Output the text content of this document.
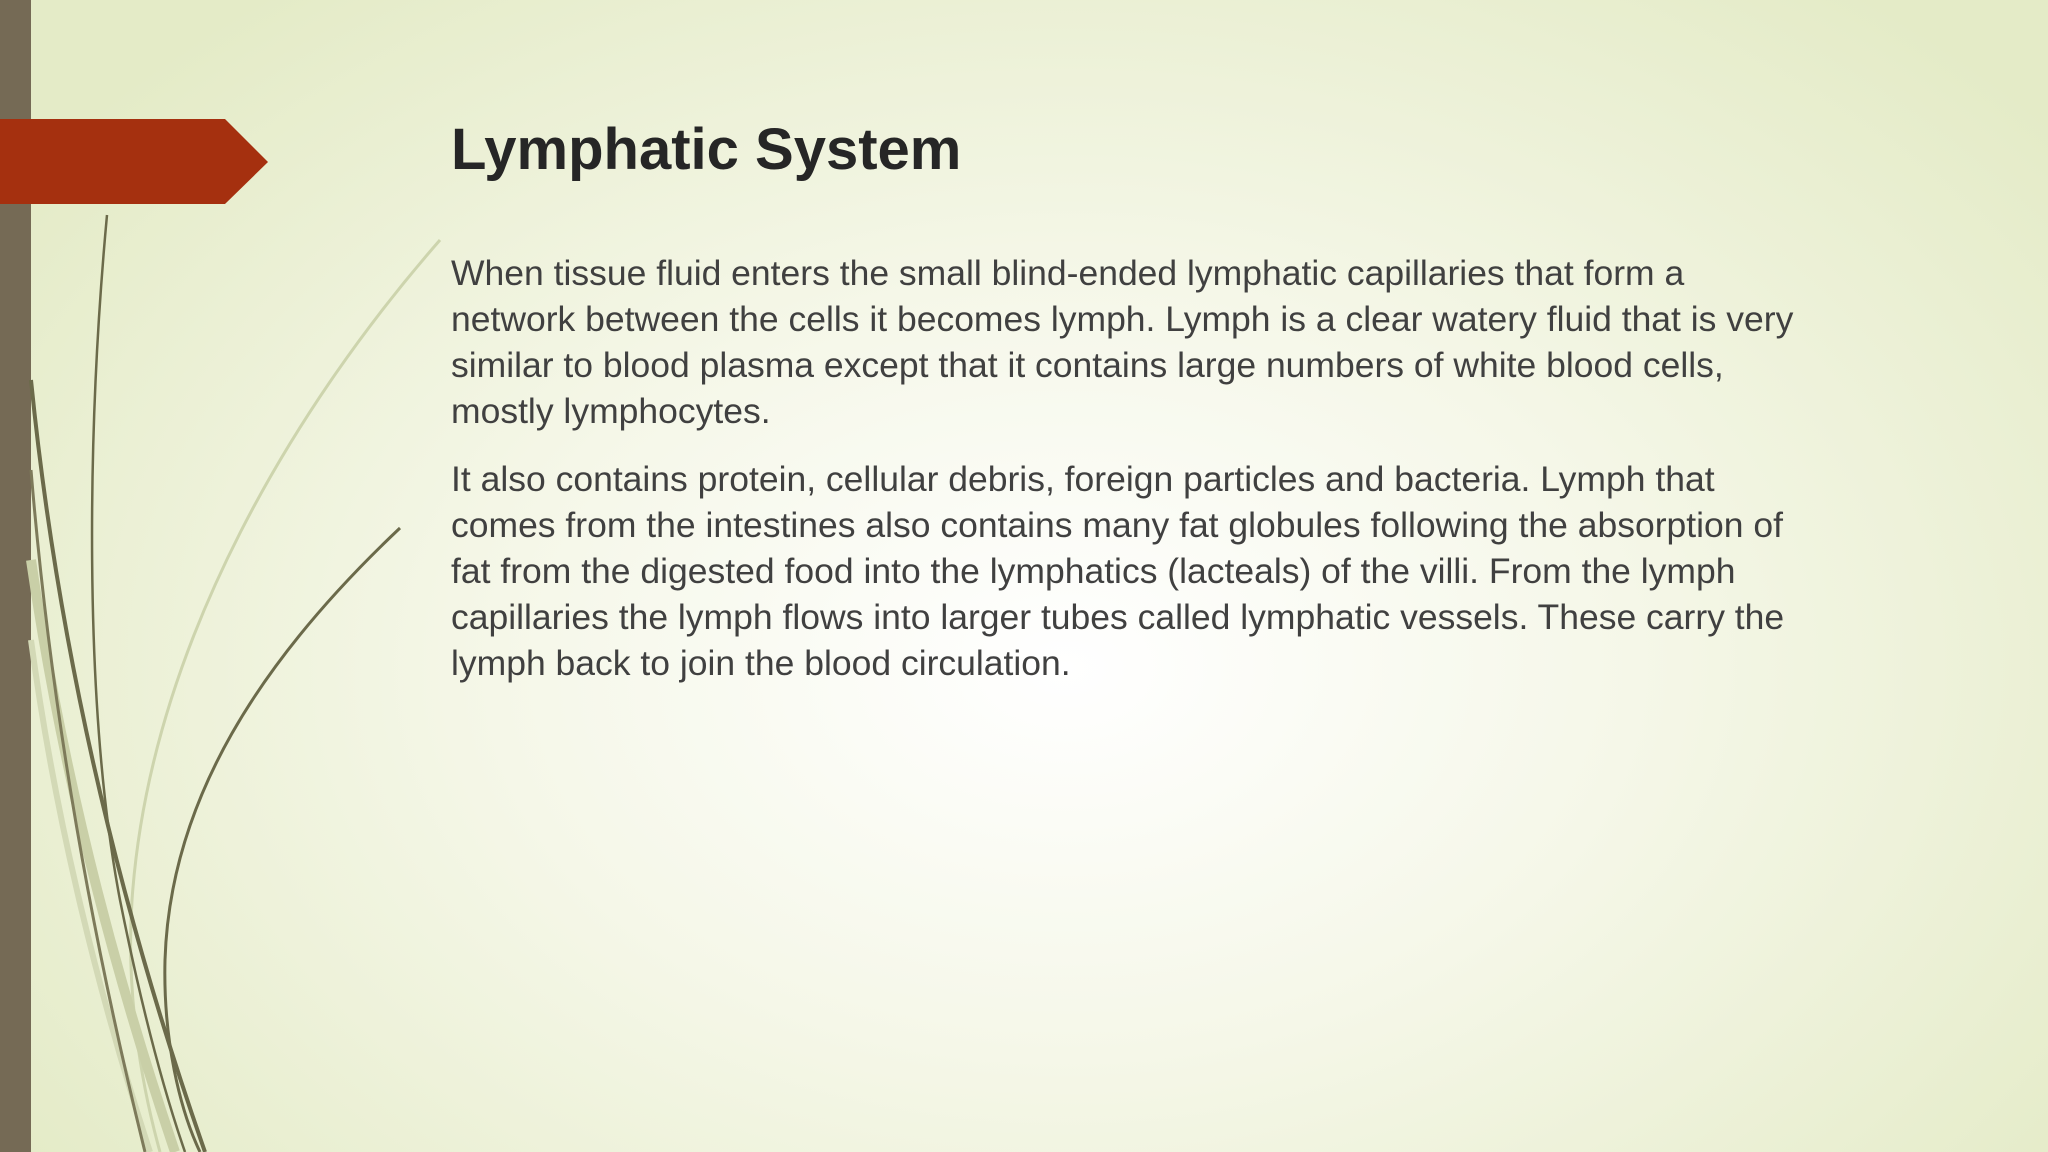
Lymphatic System

When tissue fluid enters the small blind-ended lymphatic capillaries that form a
network between the cells it becomes lymph. Lymph is a clear watery fluid that is very
similar to blood plasma except that it contains large numbers of white blood cells,
mostly lymphocytes.

It also contains protein, cellular debris, foreign particles and bacteria. Lymph that
comes from the intestines also contains many fat globules following the absorption of
fat from the digested food into the lymphatics (lacteals) of the villi. From the lymph
capillaries the lymph flows into larger tubes called lymphatic vessels. These carry the
lymph back to join the blood circulation.
